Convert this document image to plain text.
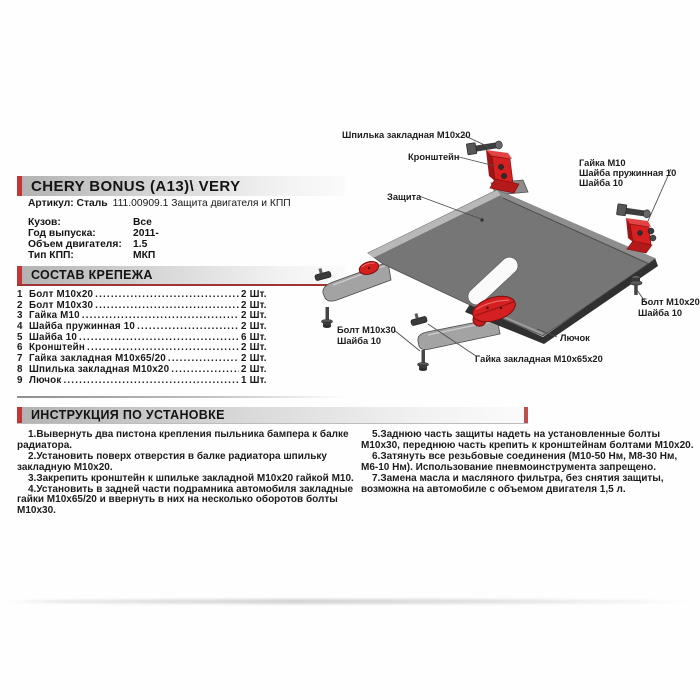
CHERY BONUS (A13)\ VERY
Артикул: Сталь 111.00909.1 Защита двигателя и КПП
Кузов:	Все
Год выпуска:	2011-
Объем двигателя:	1.5
Тип КПП:	МКП
СОСТАВ КРЕПЕЖА
1 Болт М10х20 .....	2 Шт.
2 Болт М10х30 .....	2 Шт.
3 Гайка М10 .....	2 Шт.
4 Шайба пружинная 10 .....	2 Шт.
5 Шайба 10 .....	6 Шт.
6 Кронштейн .....	2 Шт.
7 Гайка закладная М10х65/20 .....	2 Шт.
8 Шпилька закладная М10х20 .....	2 Шт.
9 Лючок .....	1 Шт.
ИНСТРУКЦИЯ ПО УСТАНОВКЕ

1.Вывернуть два пистона крепления пыльника бампера к балке радиатора.

2.Установить поверх отверстия в балке радиатора шпильку закладную М10х20.

3.Закрепить кронштейн к шпильке закладной М10х20 гайкой М10.

4.Установить в задней части подрамника автомобиля закладные гайки М10х65/20 и ввернуть в них на несколько оборотов болты М10х30.

5.Заднюю часть защиты надеть на установленные болты М10х30, переднюю часть крепить к кронштейнам болтами М10х20.

6.Затянуть все резьбовые соединения (М10-50 Нм, М8-30 Нм, М6-10 Нм). Использование пневмоинструмента запрещено.

7.Замена масла и масляного фильтра, без снятия защиты, возможна на автомобиле с объемом двигателя 1,5 л.

Шпилька закладная М10х20
Кронштейн
Гайка М10
Шайба пружинная 10
Шайба 10
Защита
Болт М10х20
Шайба 10
Лючок
Гайка закладная М10х65х20
Болт М10х30
Шайба 10
